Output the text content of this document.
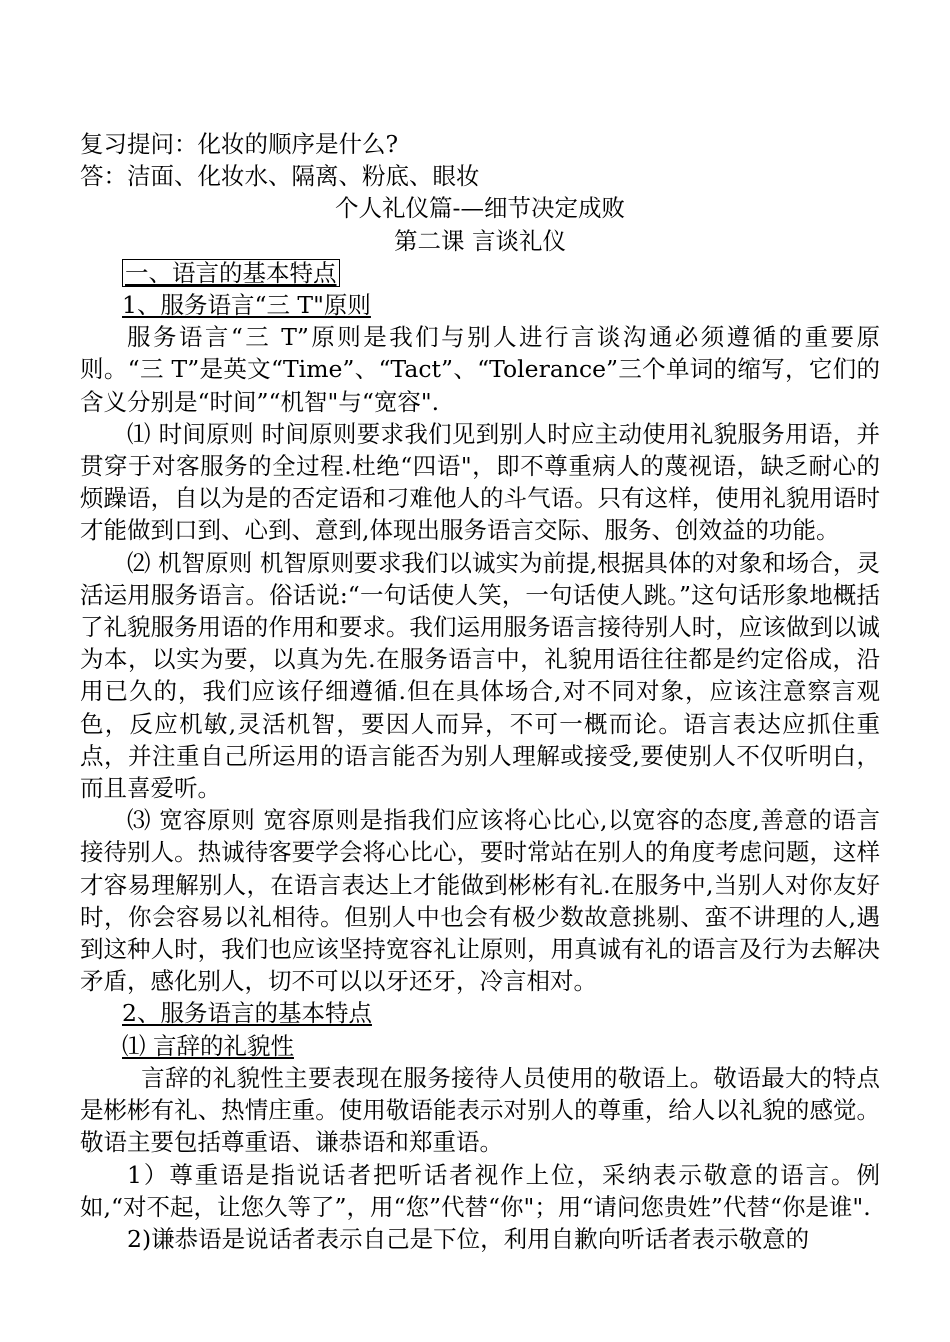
复习提问：化妆的顺序是什么?
答：洁面、化妆水、隔离、粉底、眼妆
个人礼仪篇-—细节决定成败
第二课 言谈礼仪
一、语言的基本特点
1、服务语言“三 T"原则

服务语言“三 T”原则是我们与别人进行言谈沟通必须遵循的重要原则。“三 T”是英文“Time”、“Tact”、“Tolerance”三个单词的缩写，它们的含义分别是“时间”“机智"与“宽容".

⑴ 时间原则 时间原则要求我们见到别人时应主动使用礼貌服务用语，并贯穿于对客服务的全过程.杜绝“四语"，即不尊重病人的蔑视语，缺乏耐心的烦躁语，自以为是的否定语和刁难他人的斗气语。只有这样，使用礼貌用语时才能做到口到、心到、意到,体现出服务语言交际、服务、创效益的功能。

⑵ 机智原则 机智原则要求我们以诚实为前提,根据具体的对象和场合，灵活运用服务语言。俗话说:“一句话使人笑，一句话使人跳。”这句话形象地概括了礼貌服务用语的作用和要求。我们运用服务语言接待别人时，应该做到以诚为本，以实为要，以真为先.在服务语言中，礼貌用语往往都是约定俗成，沿用已久的，我们应该仔细遵循.但在具体场合,对不同对象，应该注意察言观色，反应机敏,灵活机智，要因人而异，不可一概而论。语言表达应抓住重点，并注重自己所运用的语言能否为别人理解或接受,要使别人不仅听明白，而且喜爱听。

⑶ 宽容原则 宽容原则是指我们应该将心比心,以宽容的态度,善意的语言接待别人。热诚待客要学会将心比心，要时常站在别人的角度考虑问题，这样才容易理解别人，在语言表达上才能做到彬彬有礼.在服务中,当别人对你友好时，你会容易以礼相待。但别人中也会有极少数故意挑剔、蛮不讲理的人,遇到这种人时，我们也应该坚持宽容礼让原则，用真诚有礼的语言及行为去解决矛盾，感化别人，切不可以以牙还牙，冷言相对。

2、服务语言的基本特点
⑴ 言辞的礼貌性

言辞的礼貌性主要表现在服务接待人员使用的敬语上。敬语最大的特点是彬彬有礼、热情庄重。使用敬语能表示对别人的尊重，给人以礼貌的感觉。敬语主要包括尊重语、谦恭语和郑重语。

1）尊重语是指说话者把听话者视作上位，采纳表示敬意的语言。例如,“对不起，让您久等了”，用“您”代替“你"；用“请问您贵姓”代替“你是谁".

2)谦恭语是说话者表示自己是下位，利用自歉向听话者表示敬意的
